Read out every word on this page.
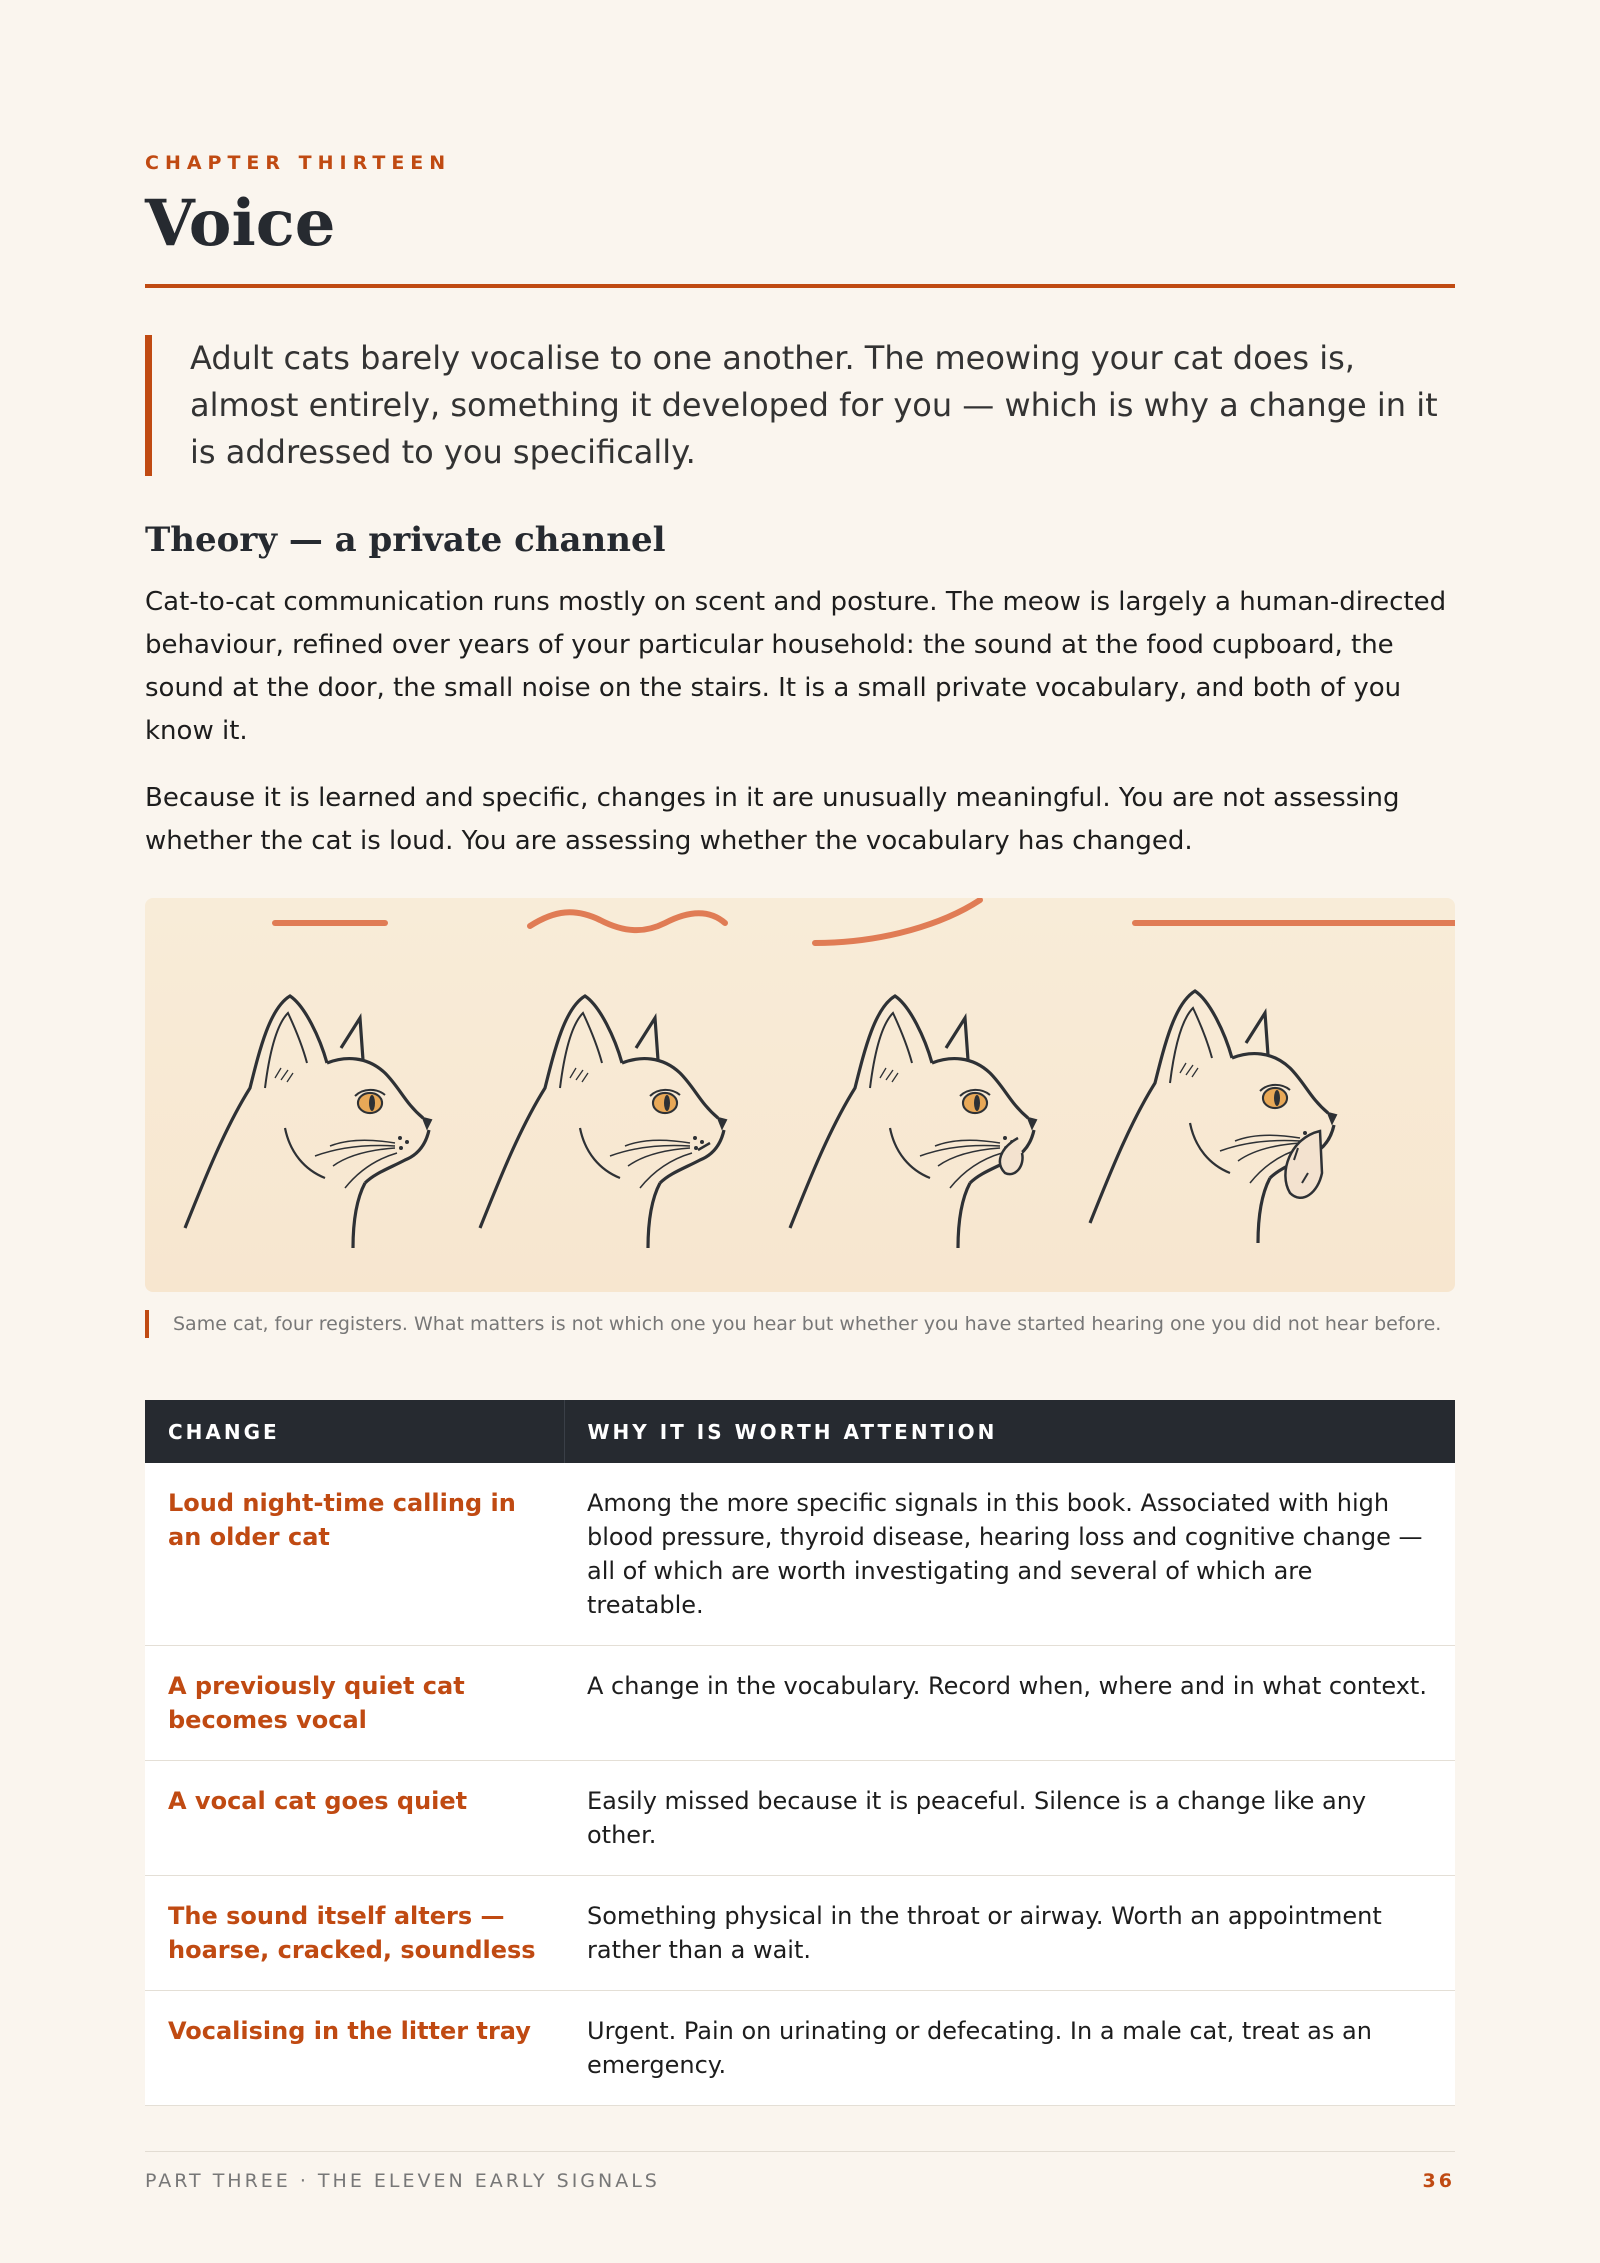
CHAPTER THIRTEEN
Voice
Adult cats barely vocalise to one another. The meowing your cat does is, almost entirely, something it developed for you — which is why a change in it is addressed to you specifically.
Theory — a private channel

Cat-to-cat communication runs mostly on scent and posture. The meow is largely a human-directed behaviour, refined over years of your particular household: the sound at the food cupboard, the sound at the door, the small noise on the stairs. It is a small private vocabulary, and both of you know it.

Because it is learned and specific, changes in it are unusually meaningful. You are not assessing whether the cat is loud. You are assessing whether the vocabulary has changed.

Same cat, four registers. What matters is not which one you hear but whether you have started hearing one you did not hear before.
CHANGE	WHY IT IS WORTH ATTENTION
Loud night-time calling in an older cat	Among the more specific signals in this book. Associated with high blood pressure, thyroid disease, hearing loss and cognitive change — all of which are worth investigating and several of which are treatable.
A previously quiet cat becomes vocal	A change in the vocabulary. Record when, where and in what context.
A vocal cat goes quiet	Easily missed because it is peaceful. Silence is a change like any other.
The sound itself alters — hoarse, cracked, soundless	Something physical in the throat or airway. Worth an appointment rather than a wait.
Vocalising in the litter tray	Urgent. Pain on urinating or defecating. In a male cat, treat as an emergency.
PART THREE · THE ELEVEN EARLY SIGNALS	36
